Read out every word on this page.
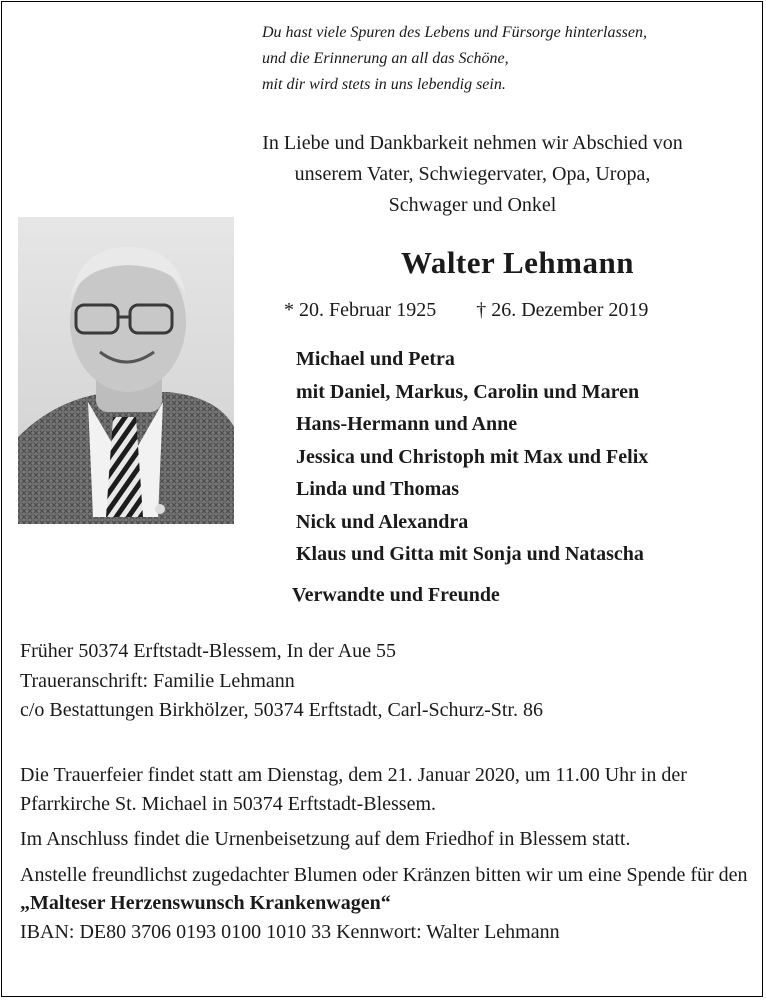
Du hast viele Spuren des Lebens und Fürsorge hinterlassen,
und die Erinnerung an all das Schöne,
mit dir wird stets in uns lebendig sein.
In Liebe und Dankbarkeit nehmen wir Abschied von
unserem Vater, Schwiegervater, Opa, Uropa,
Schwager und Onkel
Walter Lehmann
* 20. Februar 1925 † 26. Dezember 2019
Michael und Petra
mit Daniel, Markus, Carolin und Maren
Hans-Hermann und Anne
Jessica und Christoph mit Max und Felix
Linda und Thomas
Nick und Alexandra
Klaus und Gitta mit Sonja und Natascha
Verwandte und Freunde
Früher 50374 Erftstadt-Blessem, In der Aue 55
Traueranschrift: Familie Lehmann
c/o Bestattungen Birkhölzer, 50374 Erftstadt, Carl-Schurz-Str. 86

Die Trauerfeier findet statt am Dienstag, dem 21. Januar 2020, um 11.00 Uhr in der Pfarrkirche St. Michael in 50374 Erftstadt-Blessem.

Im Anschluss findet die Urnenbeisetzung auf dem Friedhof in Blessem statt.

Anstelle freundlichst zugedachter Blumen oder Kränzen bitten wir um eine Spende für den „Malteser Herzenswunsch Krankenwagen“
IBAN: DE80 3706 0193 0100 1010 33 Kennwort: Walter Lehmann
